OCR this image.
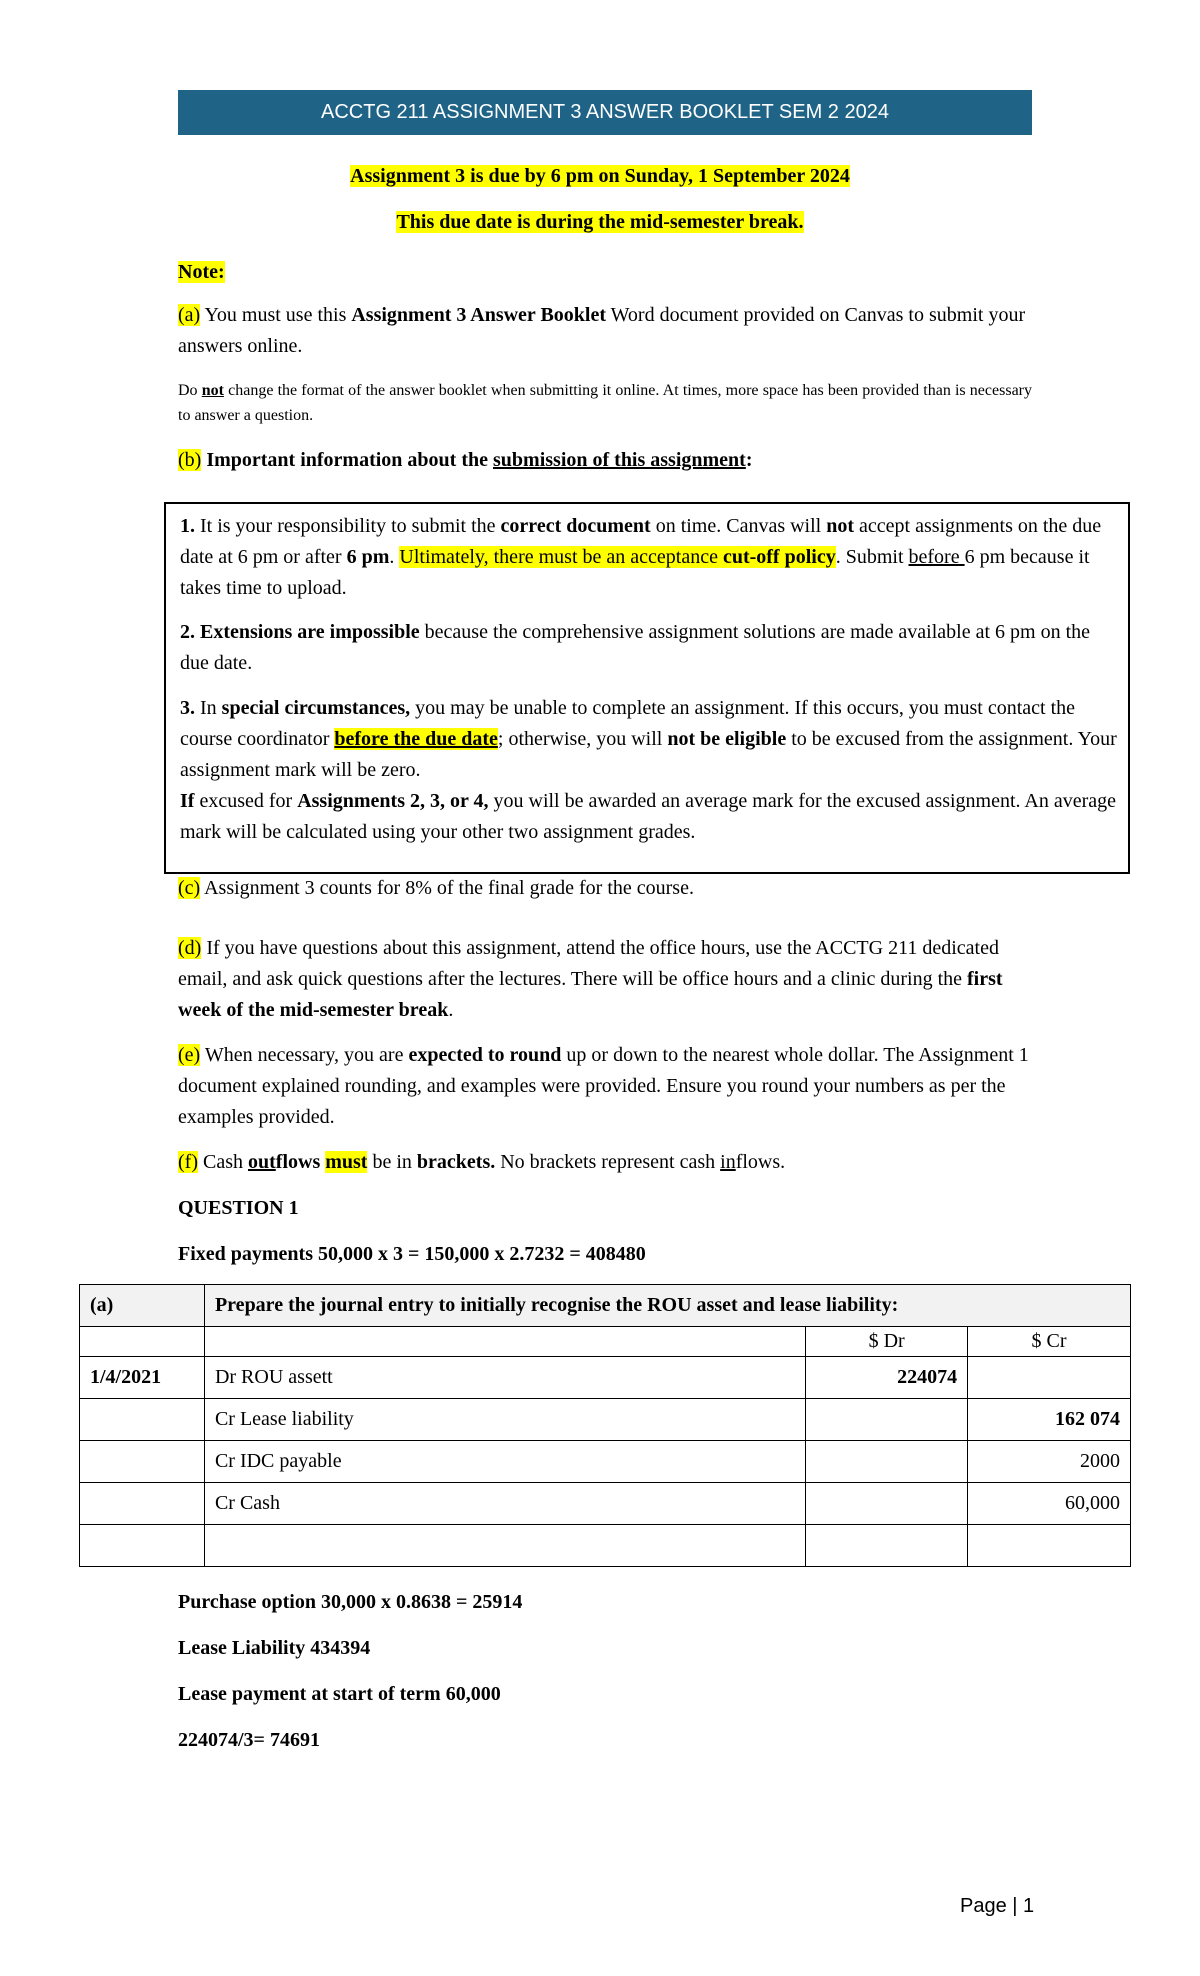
ACCTG 211 ASSIGNMENT 3 ANSWER BOOKLET SEM 2 2024
Assignment 3 is due by 6 pm on Sunday, 1 September 2024
This due date is during the mid-semester break.
Note:
(a) You must use this Assignment 3 Answer Booklet Word document provided on Canvas to submit your answers online.
Do not change the format of the answer booklet when submitting it online. At times, more space has been provided than is necessary to answer a question.
(b) Important information about the submission of this assignment:
1. It is your responsibility to submit the correct document on time. Canvas will not accept assignments on the due date at 6 pm or after 6 pm. Ultimately, there must be an acceptance cut-off policy. Submit before 6 pm because it takes time to upload.
2. Extensions are impossible because the comprehensive assignment solutions are made available at 6 pm on the due date.
3. In special circumstances, you may be unable to complete an assignment. If this occurs, you must contact the course coordinator before the due date; otherwise, you will not be eligible to be excused from the assignment. Your assignment mark will be zero.
If excused for Assignments 2, 3, or 4, you will be awarded an average mark for the excused assignment. An average mark will be calculated using your other two assignment grades.
(c) Assignment 3 counts for 8% of the final grade for the course.
(d) If you have questions about this assignment, attend the office hours, use the ACCTG 211 dedicated email, and ask quick questions after the lectures. There will be office hours and a clinic during the first week of the mid-semester break.
(e) When necessary, you are expected to round up or down to the nearest whole dollar. The Assignment 1 document explained rounding, and examples were provided. Ensure you round your numbers as per the examples provided.
(f) Cash outflows must be in brackets. No brackets represent cash inflows.
QUESTION 1
Fixed payments 50,000 x 3 = 150,000 x 2.7232 = 408480
(a)	Prepare the journal entry to initially recognise the ROU asset and lease liability:		
		$ Dr	$ Cr
1/4/2021	Dr ROU assett	224074	
	Cr Lease liability		162 074
	Cr IDC payable		2000
	Cr Cash		60,000

Purchase option 30,000 x 0.8638 = 25914
Lease Liability 434394
Lease payment at start of term 60,000
224074/3= 74691
Page | 1
